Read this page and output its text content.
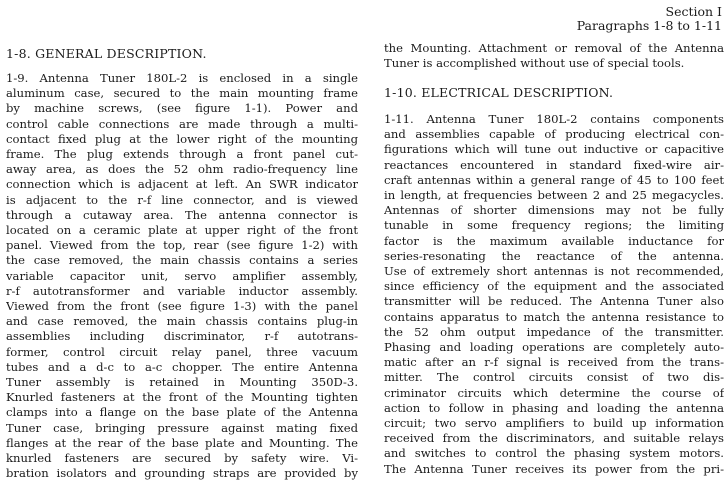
Section I
Paragraphs 1-8 to 1-11
1-8. GENERAL DESCRIPTION.
1-9. Antenna Tuner 180L-2 is enclosed in a single
aluminum case, secured to the main mounting frame
by machine screws, (see figure 1-1). Power and
control cable connections are made through a multi-
contact fixed plug at the lower right of the mounting
frame. The plug extends through a front panel cut-
away area, as does the 52 ohm radio-frequency line
connection which is adjacent at left. An SWR indicator
is adjacent to the r-f line connector, and is viewed
through a cutaway area. The antenna connector is
located on a ceramic plate at upper right of the front
panel. Viewed from the top, rear (see figure 1-2) with
the case removed, the main chassis contains a series
variable capacitor unit, servo amplifier assembly,
r-f autotransformer and variable inductor assembly.
Viewed from the front (see figure 1-3) with the panel
and case removed, the main chassis contains plug-in
assemblies including discriminator, r-f autotrans-
former, control circuit relay panel, three vacuum
tubes and a d-c to a-c chopper. The entire Antenna
Tuner assembly is retained in Mounting 350D-3.
Knurled fasteners at the front of the Mounting tighten
clamps into a flange on the base plate of the Antenna
Tuner case, bringing pressure against mating fixed
flanges at the rear of the base plate and Mounting. The
knurled fasteners are secured by safety wire. Vi-
bration isolators and grounding straps are provided by
the Mounting. Attachment or removal of the Antenna
Tuner is accomplished without use of special tools.
1-10. ELECTRICAL DESCRIPTION.
1-11. Antenna Tuner 180L-2 contains components
and assemblies capable of producing electrical con-
figurations which will tune out inductive or capacitive
reactances encountered in standard fixed-wire air-
craft antennas within a general range of 45 to 100 feet
in length, at frequencies between 2 and 25 megacycles.
Antennas of shorter dimensions may not be fully
tunable in some frequency regions; the limiting
factor is the maximum available inductance for
series-resonating the reactance of the antenna.
Use of extremely short antennas is not recommended,
since efficiency of the equipment and the associated
transmitter will be reduced. The Antenna Tuner also
contains apparatus to match the antenna resistance to
the 52 ohm output impedance of the transmitter.
Phasing and loading operations are completely auto-
matic after an r-f signal is received from the trans-
mitter. The control circuits consist of two dis-
criminator circuits which determine the course of
action to follow in phasing and loading the antenna
circuit; two servo amplifiers to build up information
received from the discriminators, and suitable relays
and switches to control the phasing system motors.
The Antenna Tuner receives its power from the pri-
